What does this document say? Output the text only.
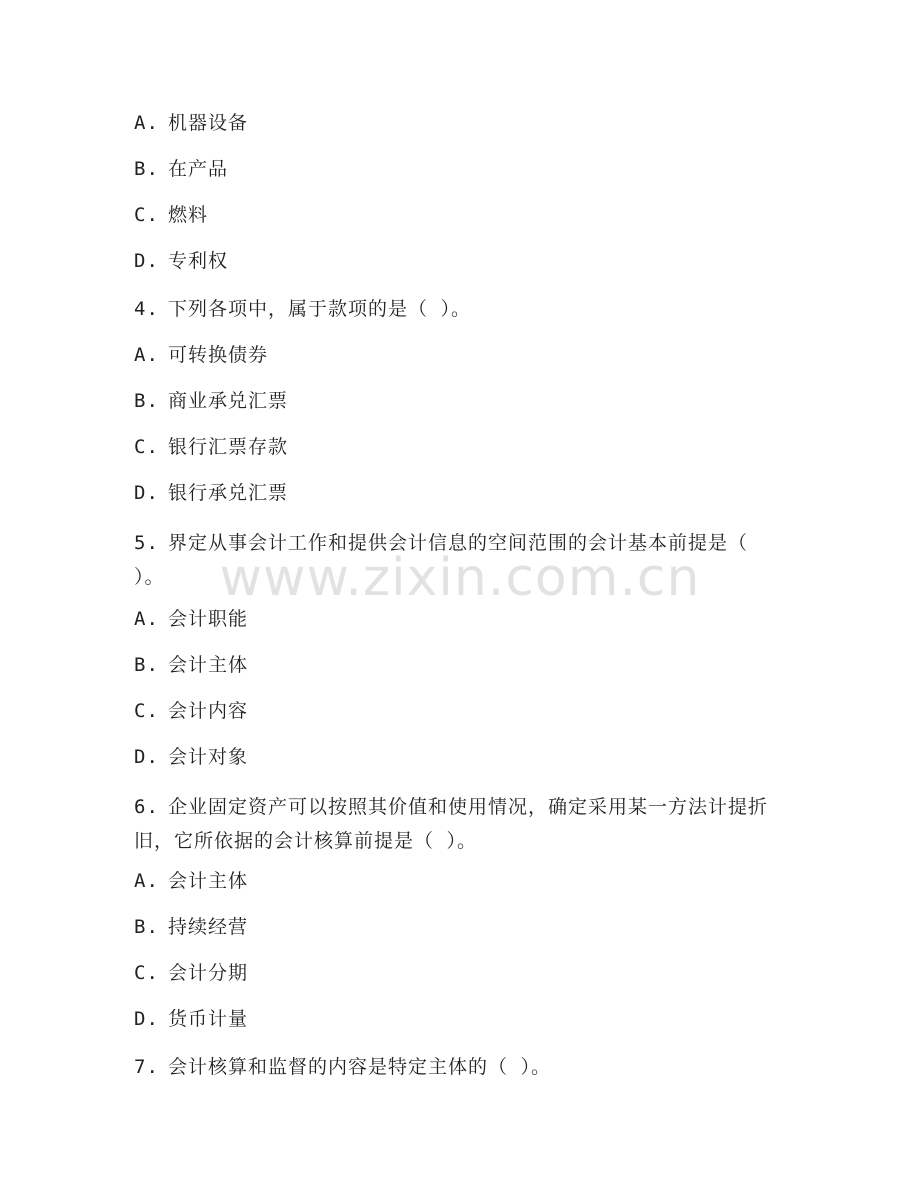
A. 机器设备
B. 在产品
C. 燃料
D. 专利权
4. 下列各项中，属于款项的是（ ）。
A. 可转换债券
B. 商业承兑汇票
C. 银行汇票存款
D. 银行承兑汇票
5. 界定从事会计工作和提供会计信息的空间范围的会计基本前提是（ ）。
A. 会计职能
B. 会计主体
C. 会计内容
D. 会计对象
6. 企业固定资产可以按照其价值和使用情况，确定采用某一方法计提折旧，它所依据的会计核算前提是（ ）。
A. 会计主体
B. 持续经营
C. 会计分期
D. 货币计量
7. 会计核算和监督的内容是特定主体的（ ）。
www.zixin.com.cn
